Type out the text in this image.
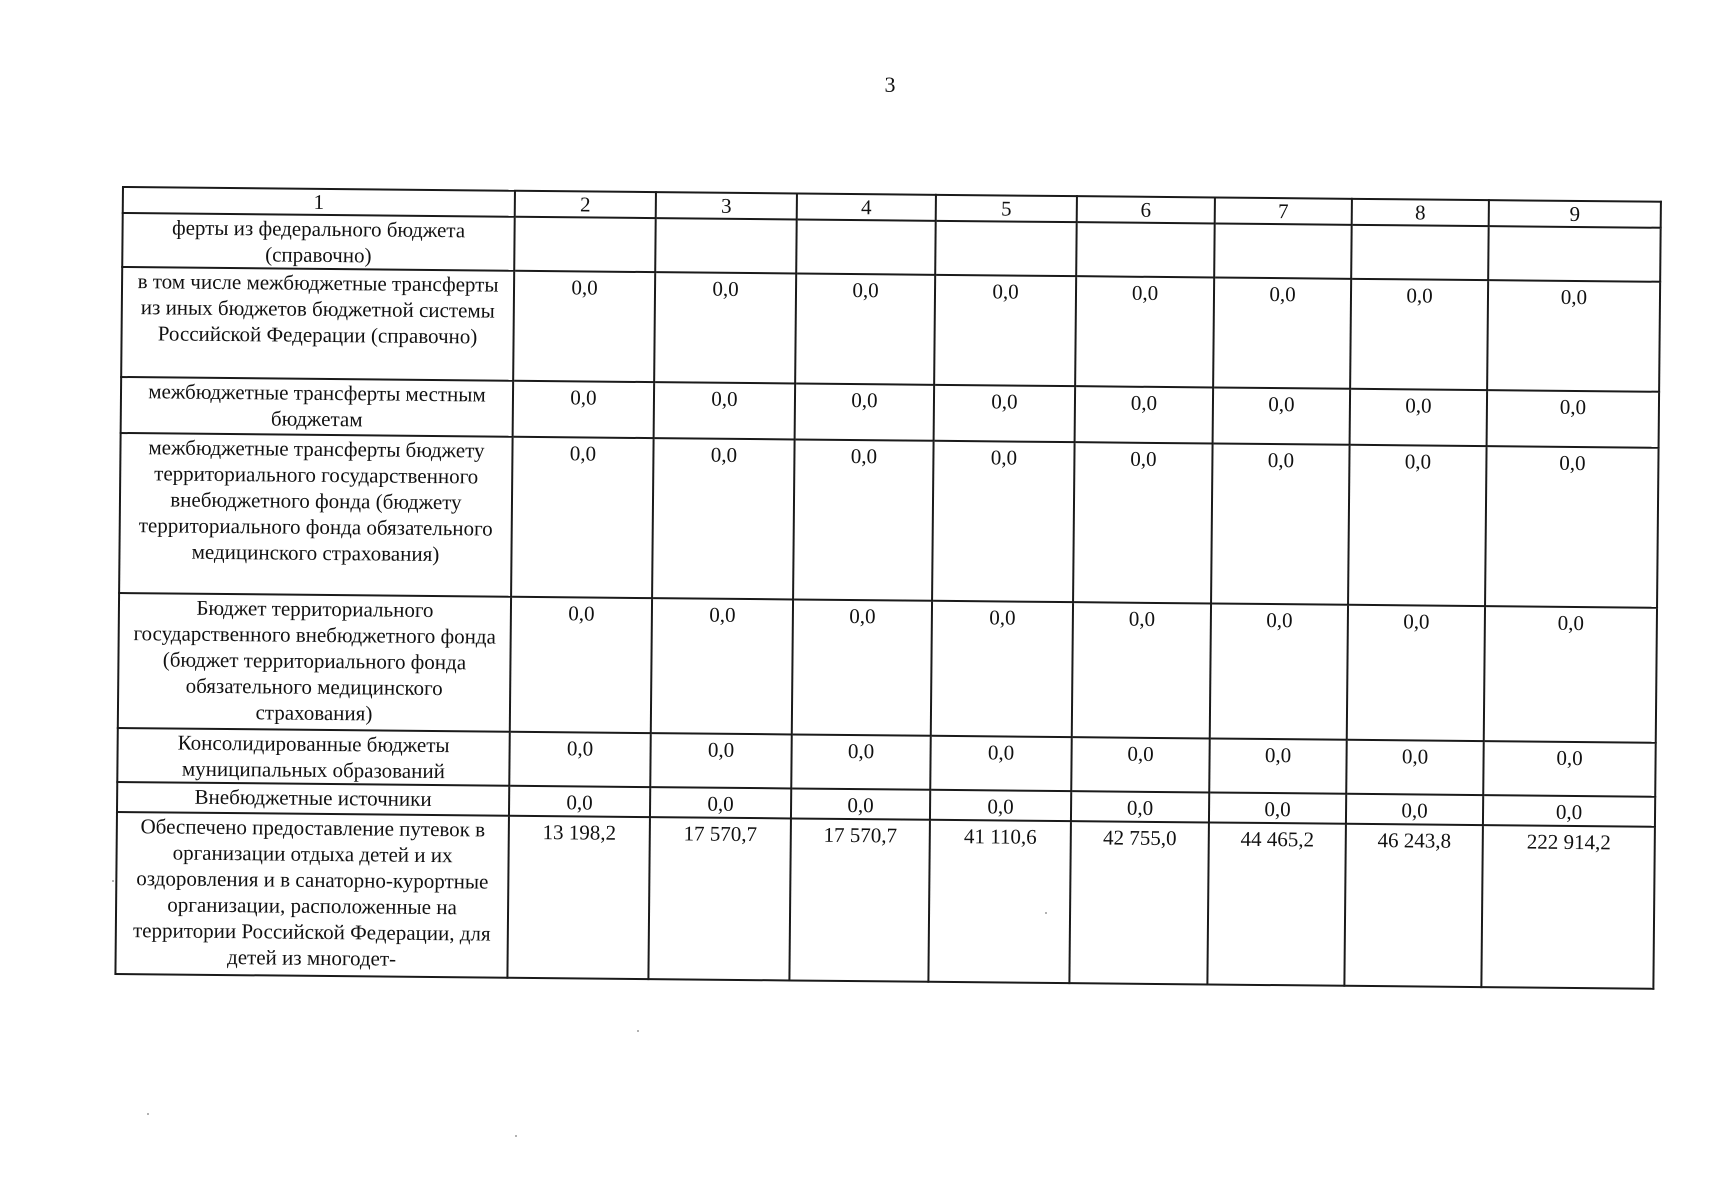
3
1	2	3	4	5	6	7	8	9
ферты из федерального бюджета (справочно)								
в том числе межбюджетные трансферты из иных бюджетов бюджетной системы Российской Федерации (справочно)	0,0	0,0	0,0	0,0	0,0	0,0	0,0	0,0
межбюджетные трансферты местным бюджетам	0,0	0,0	0,0	0,0	0,0	0,0	0,0	0,0
межбюджетные трансферты бюджету территориального государственного внебюджетного фонда (бюджету территориального фонда обязательного медицинского страхования)	0,0	0,0	0,0	0,0	0,0	0,0	0,0	0,0
Бюджет территориального государственного внебюджетного фонда (бюджет территориального фонда обязательного медицинского страхования)	0,0	0,0	0,0	0,0	0,0	0,0	0,0	0,0
Консолидированные бюджеты муниципальных образований	0,0	0,0	0,0	0,0	0,0	0,0	0,0	0,0
Внебюджетные источники	0,0	0,0	0,0	0,0	0,0	0,0	0,0	0,0
Обеспечено предоставление путевок в организации отдыха детей и их оздоровления и в санаторно-курортные организации, расположенные на территории Российской Федерации, для детей из многодет-	13 198,2	17 570,7	17 570,7	41 110,6	42 755,0	44 465,2	46 243,8	222 914,2
